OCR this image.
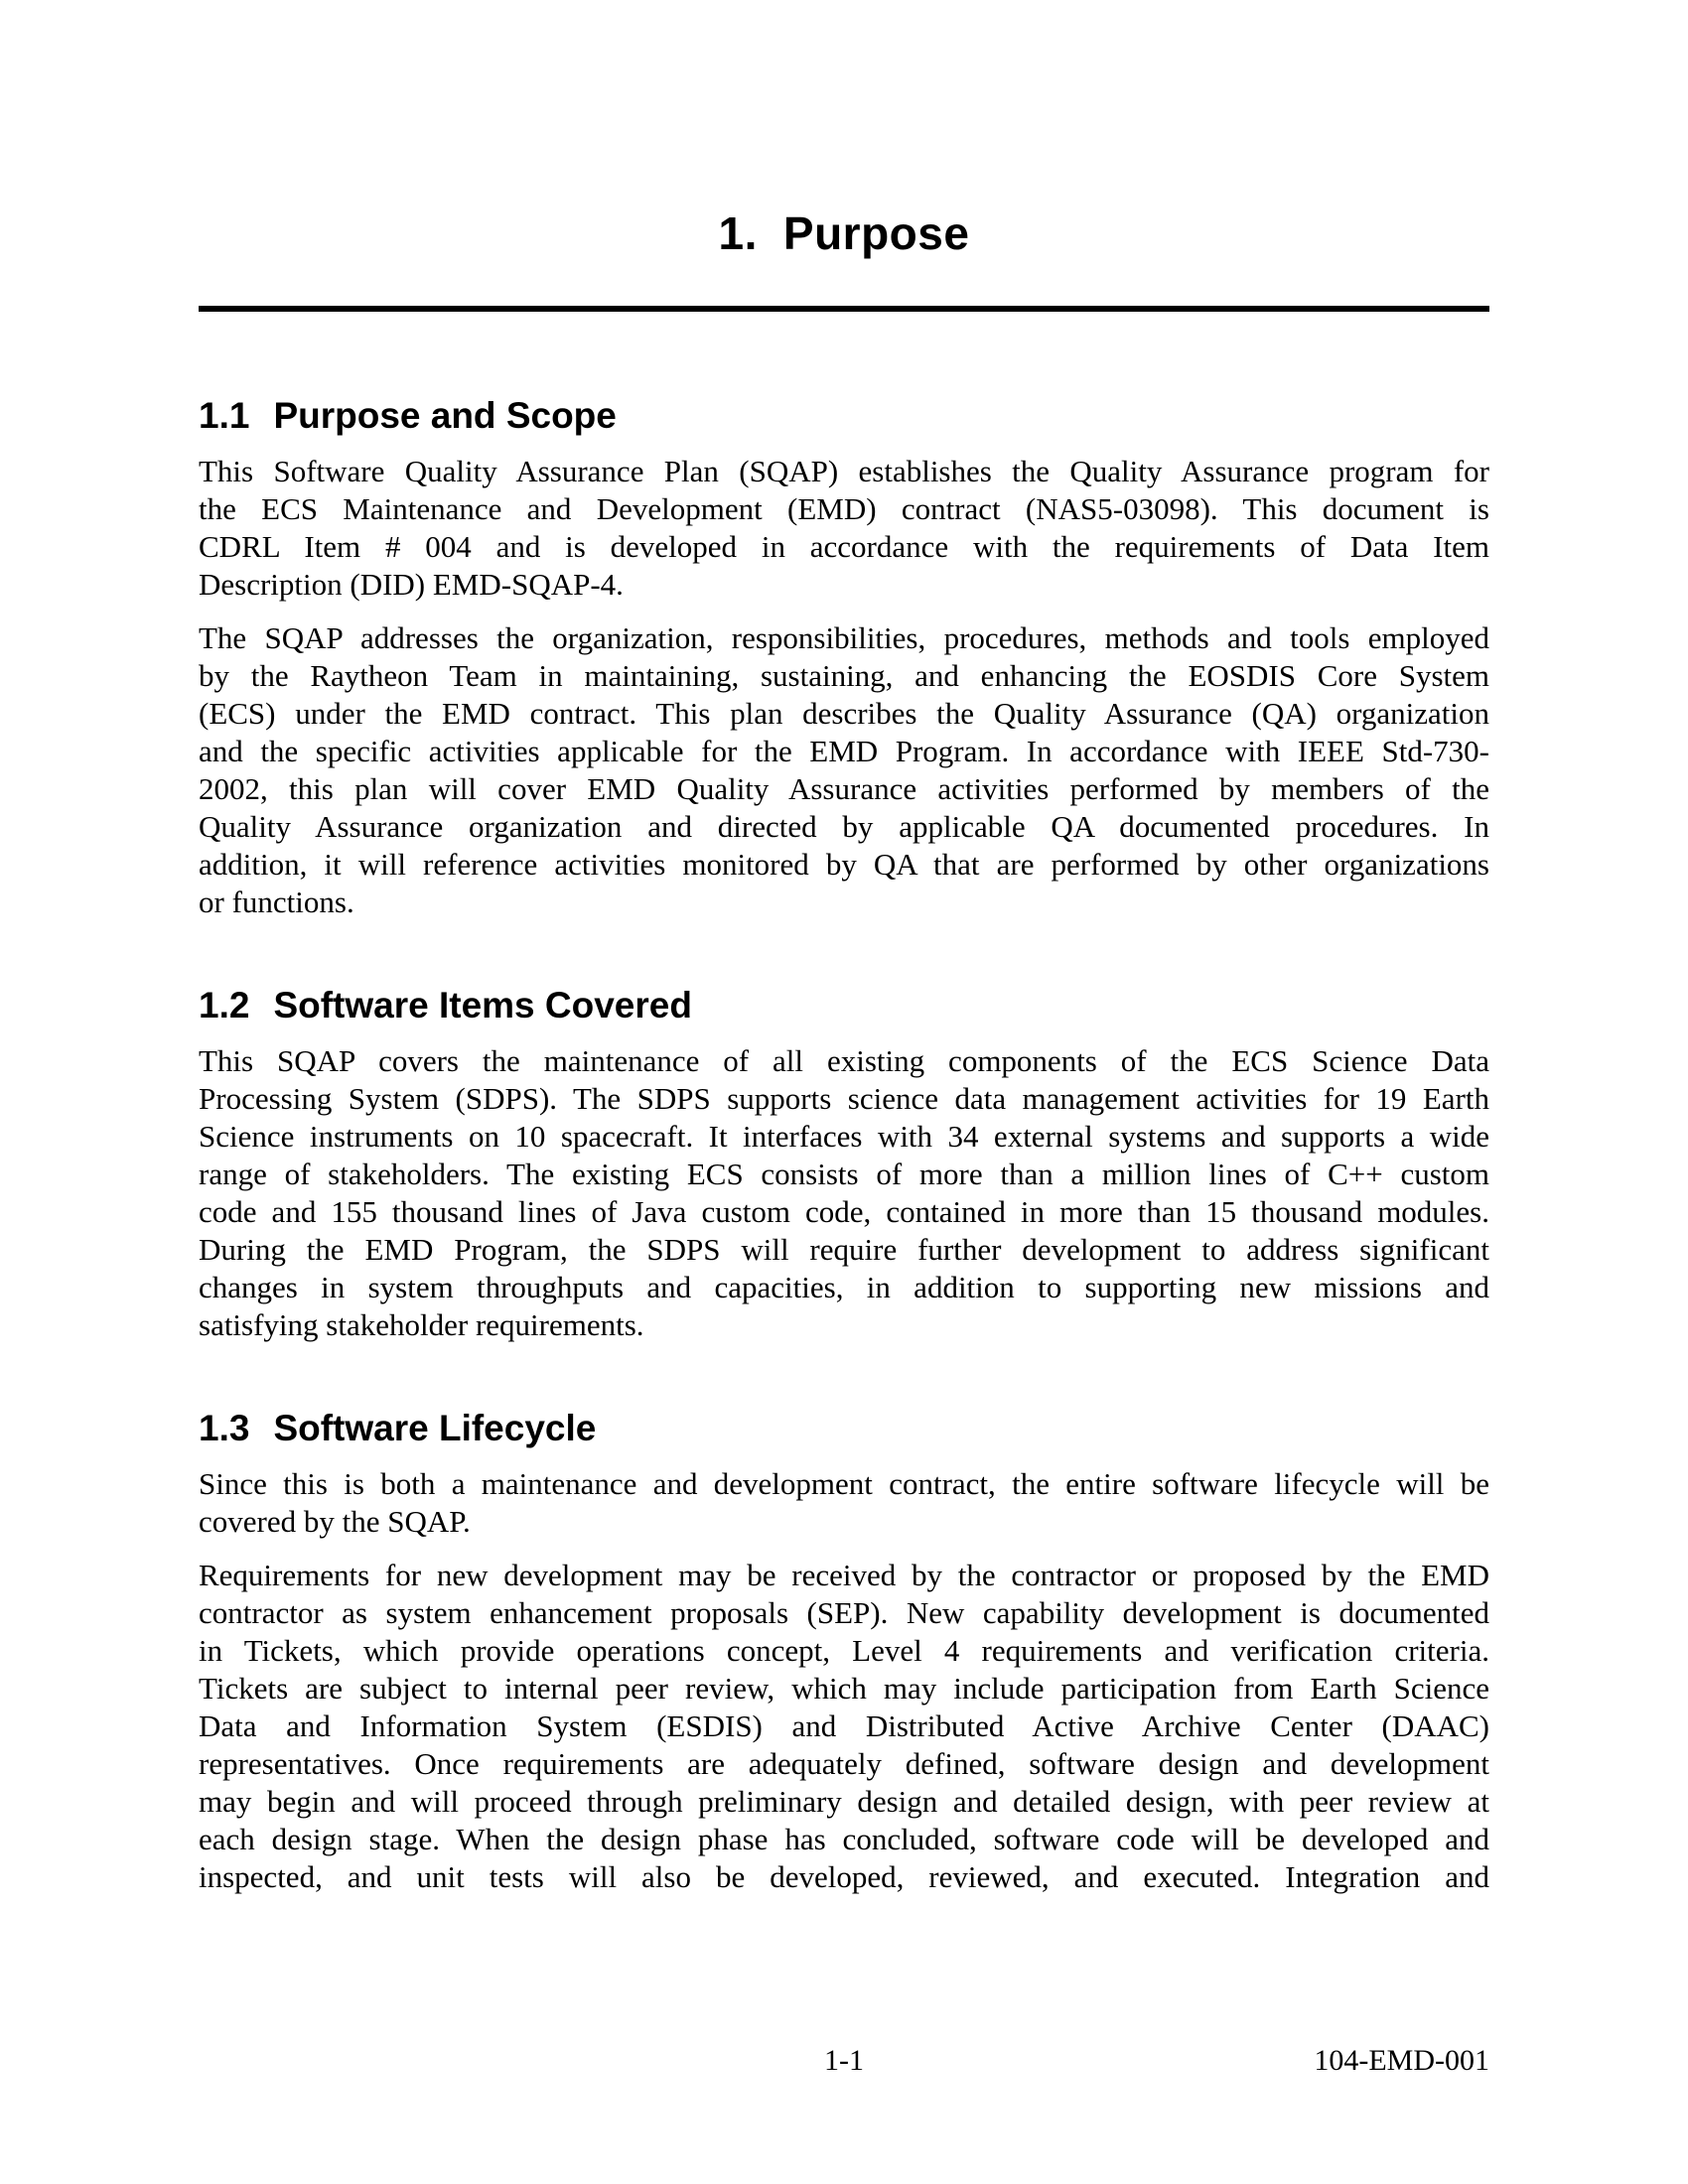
1. Purpose
1.1 Purpose and Scope
This Software Quality Assurance Plan (SQAP) establishes the Quality Assurance program for
the ECS Maintenance and Development (EMD) contract (NAS5-03098). This document is
CDRL Item # 004 and is developed in accordance with the requirements of Data Item
Description (DID) EMD-SQAP-4.
The SQAP addresses the organization, responsibilities, procedures, methods and tools employed
by the Raytheon Team in maintaining, sustaining, and enhancing the EOSDIS Core System
(ECS) under the EMD contract. This plan describes the Quality Assurance (QA) organization
and the specific activities applicable for the EMD Program. In accordance with IEEE Std-730-
2002, this plan will cover EMD Quality Assurance activities performed by members of the
Quality Assurance organization and directed by applicable QA documented procedures. In
addition, it will reference activities monitored by QA that are performed by other organizations
or functions.
1.2 Software Items Covered
This SQAP covers the maintenance of all existing components of the ECS Science Data
Processing System (SDPS). The SDPS supports science data management activities for 19 Earth
Science instruments on 10 spacecraft. It interfaces with 34 external systems and supports a wide
range of stakeholders. The existing ECS consists of more than a million lines of C++ custom
code and 155 thousand lines of Java custom code, contained in more than 15 thousand modules.
During the EMD Program, the SDPS will require further development to address significant
changes in system throughputs and capacities, in addition to supporting new missions and
satisfying stakeholder requirements.
1.3 Software Lifecycle
Since this is both a maintenance and development contract, the entire software lifecycle will be
covered by the SQAP.
Requirements for new development may be received by the contractor or proposed by the EMD
contractor as system enhancement proposals (SEP). New capability development is documented
in Tickets, which provide operations concept, Level 4 requirements and verification criteria.
Tickets are subject to internal peer review, which may include participation from Earth Science
Data and Information System (ESDIS) and Distributed Active Archive Center (DAAC)
representatives. Once requirements are adequately defined, software design and development
may begin and will proceed through preliminary design and detailed design, with peer review at
each design stage. When the design phase has concluded, software code will be developed and
inspected, and unit tests will also be developed, reviewed, and executed. Integration and
1-1	104-EMD-001
